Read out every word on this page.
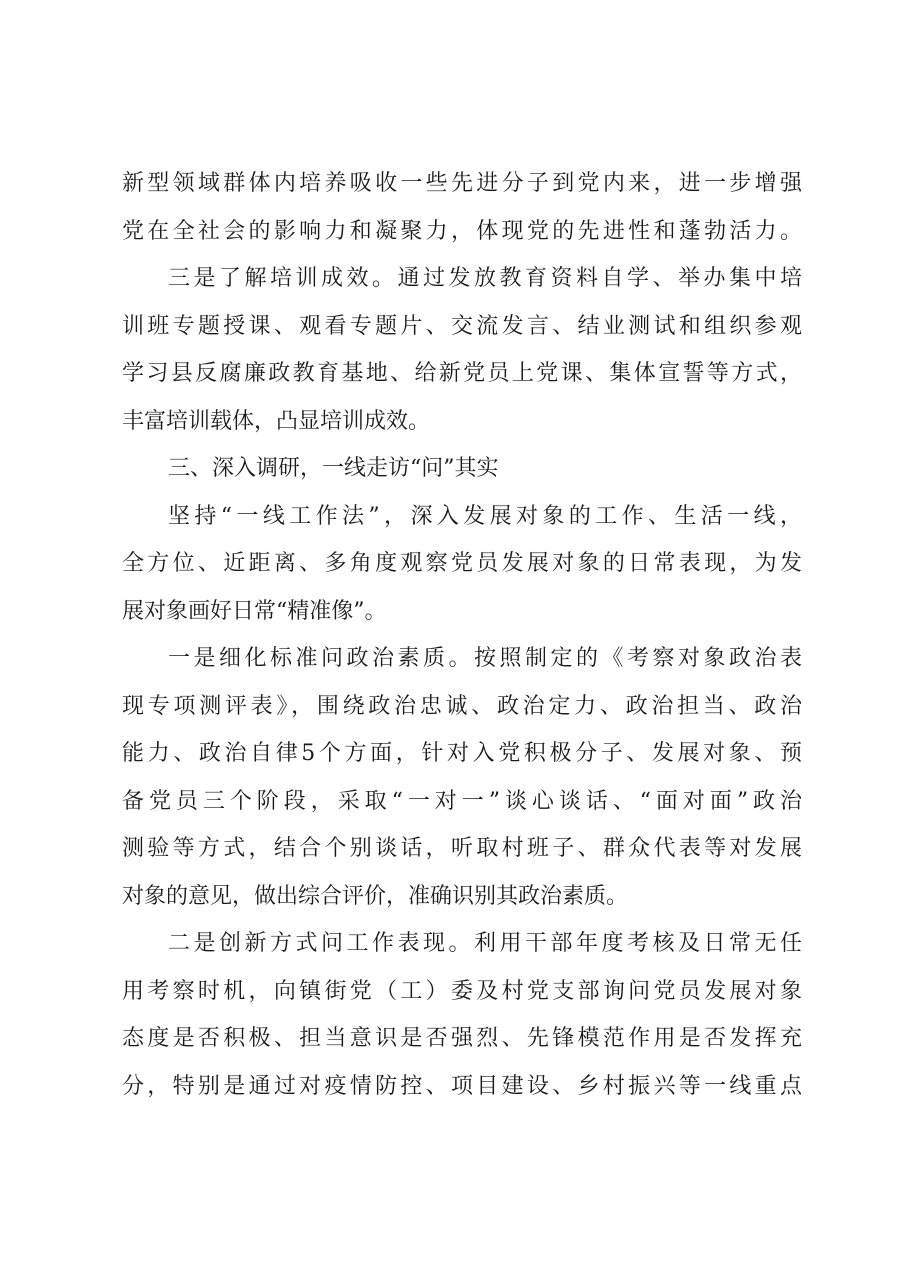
新型领域群体内培养吸收一些先进分子到党内来，进一步增强
党在全社会的影响力和凝聚力，体现党的先进性和蓬勃活力。
三是了解培训成效。通过发放教育资料自学、举办集中培
训班专题授课、观看专题片、交流发言、结业测试和组织参观
学习县反腐廉政教育基地、给新党员上党课、集体宣誓等方式，
丰富培训载体，凸显培训成效。
三、深入调研，一线走访“问”其实
坚持“一线工作法”，深入发展对象的工作、生活一线，
全方位、近距离、多角度观察党员发展对象的日常表现，为发
展对象画好日常“精准像”。
一是细化标准问政治素质。按照制定的《考察对象政治表
现专项测评表》，围绕政治忠诚、政治定力、政治担当、政治
能力、政治自律5个方面，针对入党积极分子、发展对象、预
备党员三个阶段，采取“一对一”谈心谈话、“面对面”政治
测验等方式，结合个别谈话，听取村班子、群众代表等对发展
对象的意见，做出综合评价，准确识别其政治素质。
二是创新方式问工作表现。利用干部年度考核及日常无任
用考察时机，向镇街党（工）委及村党支部询问党员发展对象
态度是否积极、担当意识是否强烈、先锋模范作用是否发挥充
分，特别是通过对疫情防控、项目建设、乡村振兴等一线重点
